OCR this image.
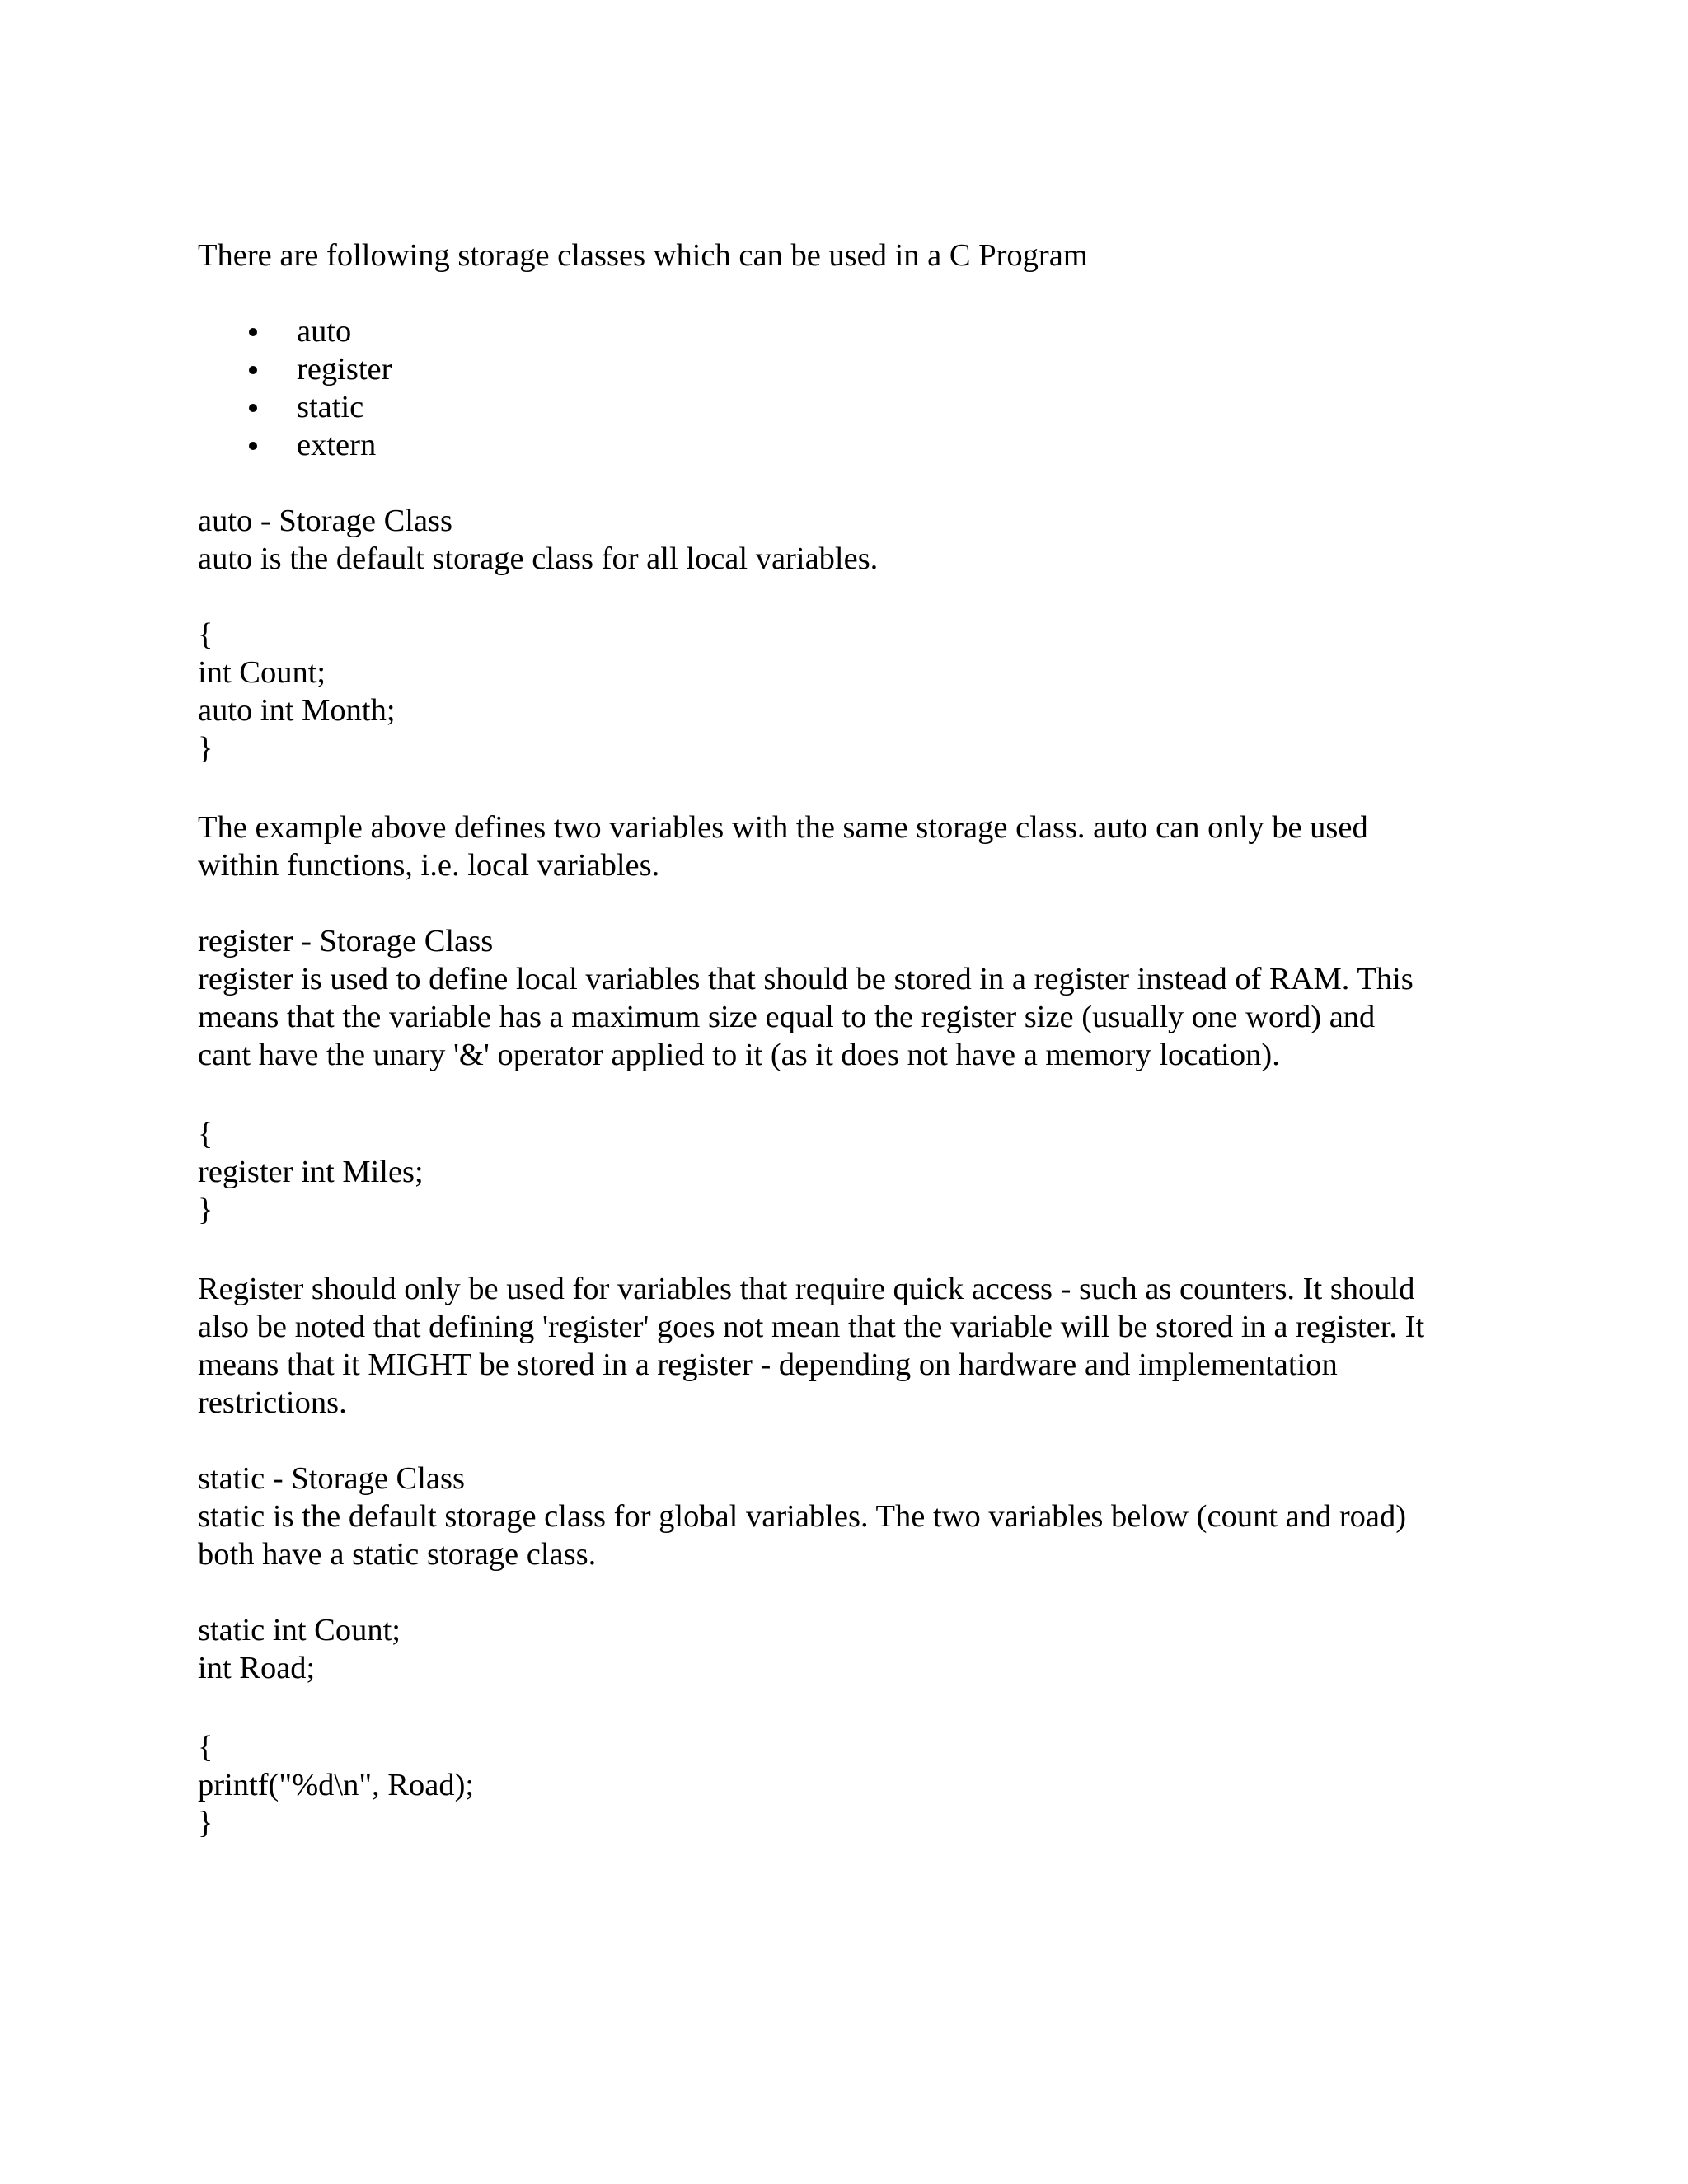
There are following storage classes which can be used in a C Program
auto
register
static
extern
auto - Storage Class
auto is the default storage class for all local variables.
{
int Count;
auto int Month;
}
The example above defines two variables with the same storage class. auto can only be used
within functions, i.e. local variables.
register - Storage Class
register is used to define local variables that should be stored in a register instead of RAM. This
means that the variable has a maximum size equal to the register size (usually one word) and
cant have the unary '&' operator applied to it (as it does not have a memory location).
{
register int Miles;
}
Register should only be used for variables that require quick access - such as counters. It should
also be noted that defining 'register' goes not mean that the variable will be stored in a register. It
means that it MIGHT be stored in a register - depending on hardware and implementation
restrictions.
static - Storage Class
static is the default storage class for global variables. The two variables below (count and road)
both have a static storage class.
static int Count;
int Road;
{
printf("%d\n", Road);
}
